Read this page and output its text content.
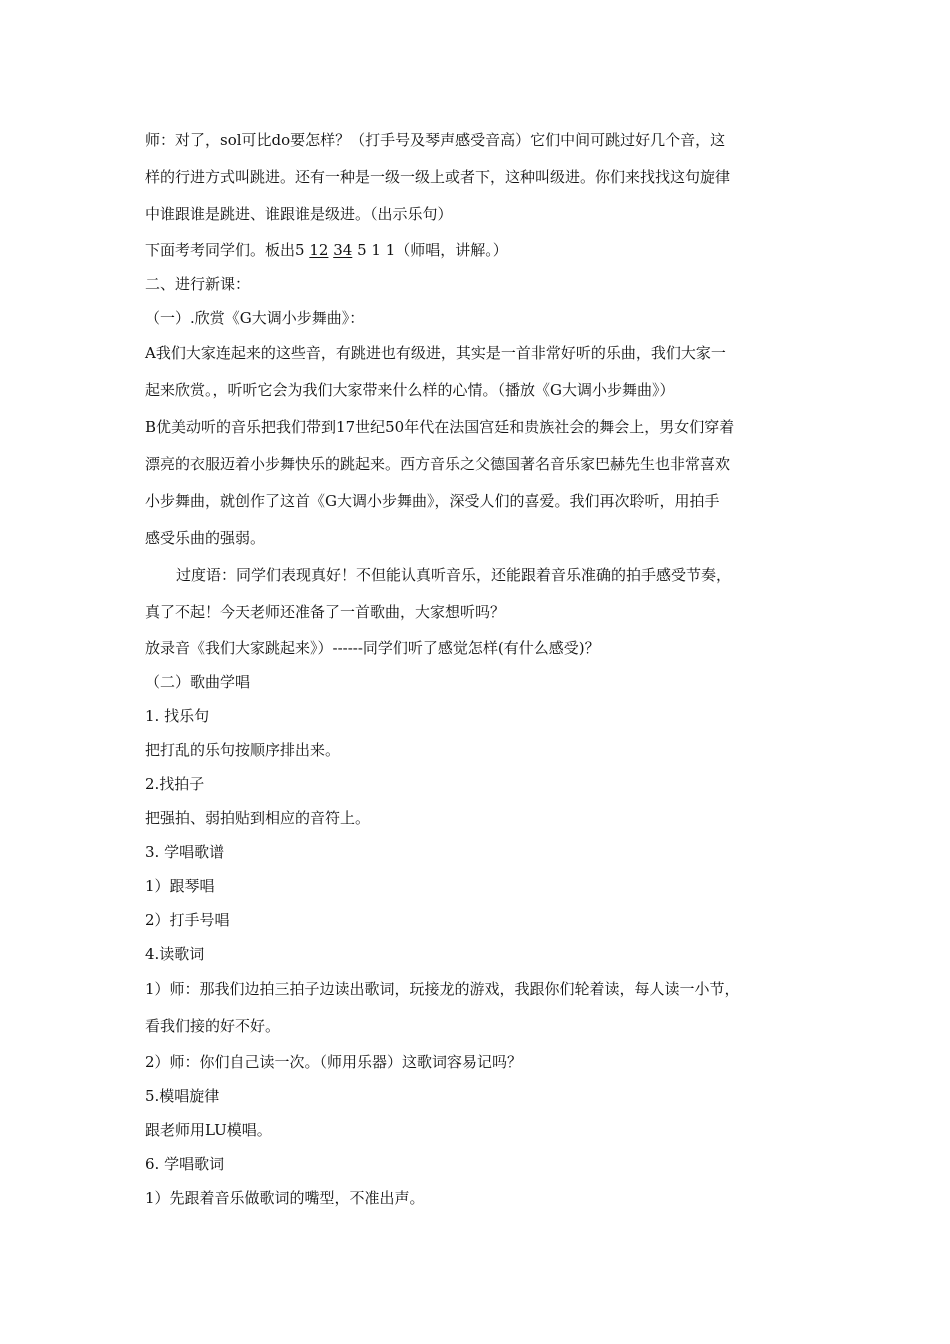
师：对了，sol可比do要怎样？（打手号及琴声感受音高）它们中间可跳过好几个音，这

样的行进方式叫跳进。还有一种是一级一级上或者下，这种叫级进。你们来找找这句旋律

中谁跟谁是跳进、谁跟谁是级进。（出示乐句）

下面考考同学们。板出5 12 34 5 1 1（师唱，讲解。）

二、进行新课：

（一）.欣赏《G大调小步舞曲》：

A我们大家连起来的这些音，有跳进也有级进，其实是一首非常好听的乐曲，我们大家一

起来欣赏。，听听它会为我们大家带来什么样的心情。（播放《G大调小步舞曲》）

B优美动听的音乐把我们带到17世纪50年代在法国宫廷和贵族社会的舞会上，男女们穿着

漂亮的衣服迈着小步舞快乐的跳起来。西方音乐之父德国著名音乐家巴赫先生也非常喜欢

小步舞曲，就创作了这首《G大调小步舞曲》，深受人们的喜爱。我们再次聆听，用拍手

感受乐曲的强弱。

过度语：同学们表现真好！不但能认真听音乐，还能跟着音乐准确的拍手感受节奏，

真了不起！今天老师还准备了一首歌曲，大家想听吗？

放录音《我们大家跳起来》）------同学们听了感觉怎样(有什么感受)？

（二）歌曲学唱

1. 找乐句

把打乱的乐句按顺序排出来。

2.找拍子

把强拍、弱拍贴到相应的音符上。

3. 学唱歌谱

1）跟琴唱

2）打手号唱

4.读歌词

1）师：那我们边拍三拍子边读出歌词，玩接龙的游戏，我跟你们轮着读，每人读一小节，

看我们接的好不好。

2）师：你们自己读一次。（师用乐器）这歌词容易记吗？

5.模唱旋律

跟老师用LU模唱。

6. 学唱歌词

1）先跟着音乐做歌词的嘴型，不准出声。
